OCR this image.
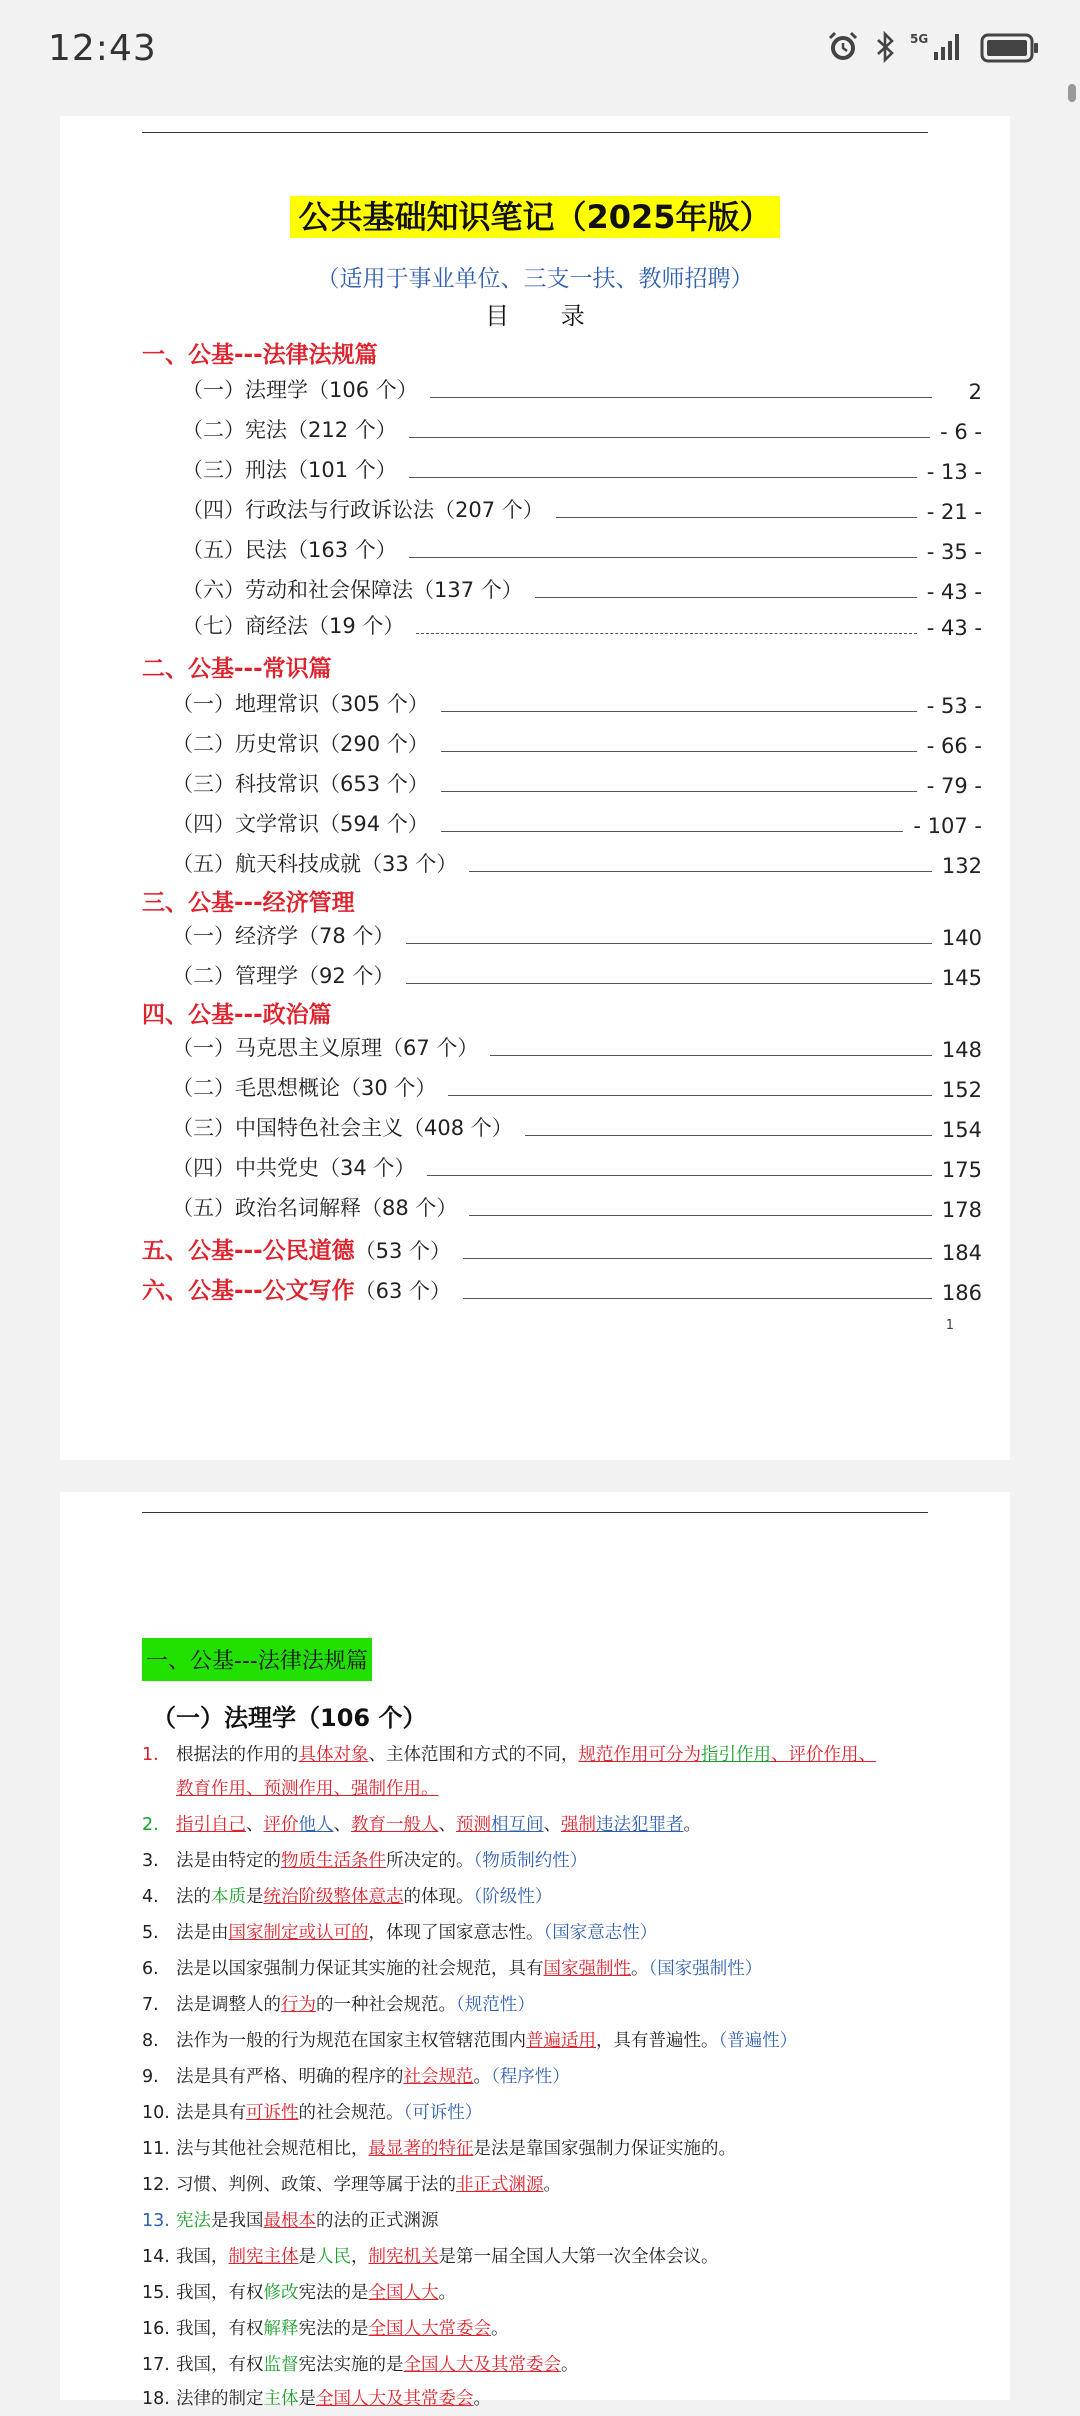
12:43	5G
公共基础知识笔记（2025年版）
（适用于事业单位、三支一扶、教师招聘）
目 录
一、公基---法律法规篇
（一）法理学（106 个）	2
（二）宪法（212 个）	- 6 -
（三）刑法（101 个）	- 13 -
（四）行政法与行政诉讼法（207 个）	- 21 -
（五）民法（163 个）	- 35 -
（六）劳动和社会保障法（137 个）	- 43 -
（七）商经法（19 个）	- 43 -
二、公基---常识篇
（一）地理常识（305 个）	- 53 -
（二）历史常识（290 个）	- 66 -
（三）科技常识（653 个）	- 79 -
（四）文学常识（594 个）	- 107 -
（五）航天科技成就（33 个）	132
三、公基---经济管理
（一）经济学（78 个）	140
（二）管理学（92 个）	145
四、公基---政治篇
（一）马克思主义原理（67 个）	148
（二）毛思想概论（30 个）	152
（三）中国特色社会主义（408 个）	154
（四）中共党史（34 个）	175
（五）政治名词解释（88 个）	178
五、公基---公民道德 （53 个）	184
六、公基---公文写作 （63 个）	186
1
一、公基---法律法规篇
（一）法理学（106 个）
1. 根据法的作用的具体对象、主体范围和方式的不同，规范作用可分为指引作用、评价作用、
教育作用、预测作用、强制作用。
2. 指引自己、评价他人、教育一般人、预测相互间、强制违法犯罪者。
3. 法是由特定的物质生活条件所决定的。（物质制约性）
4. 法的本质是统治阶级整体意志的体现。（阶级性）
5. 法是由国家制定或认可的，体现了国家意志性。（国家意志性）
6. 法是以国家强制力保证其实施的社会规范，具有国家强制性。（国家强制性）
7. 法是调整人的行为的一种社会规范。（规范性）
8. 法作为一般的行为规范在国家主权管辖范围内普遍适用，具有普遍性。（普遍性）
9. 法是具有严格、明确的程序的社会规范。（程序性）
10. 法是具有可诉性的社会规范。（可诉性）
11. 法与其他社会规范相比，最显著的特征是法是靠国家强制力保证实施的。
12. 习惯、判例、政策、学理等属于法的非正式渊源。
13. 宪法是我国最根本的法的正式渊源
14. 我国，制宪主体是人民，制宪机关是第一届全国人大第一次全体会议。
15. 我国，有权修改宪法的是全国人大。
16. 我国，有权解释宪法的是全国人大常委会。
17. 我国，有权监督宪法实施的是全国人大及其常委会。
18. 法律的制定主体是全国人大及其常委会。
